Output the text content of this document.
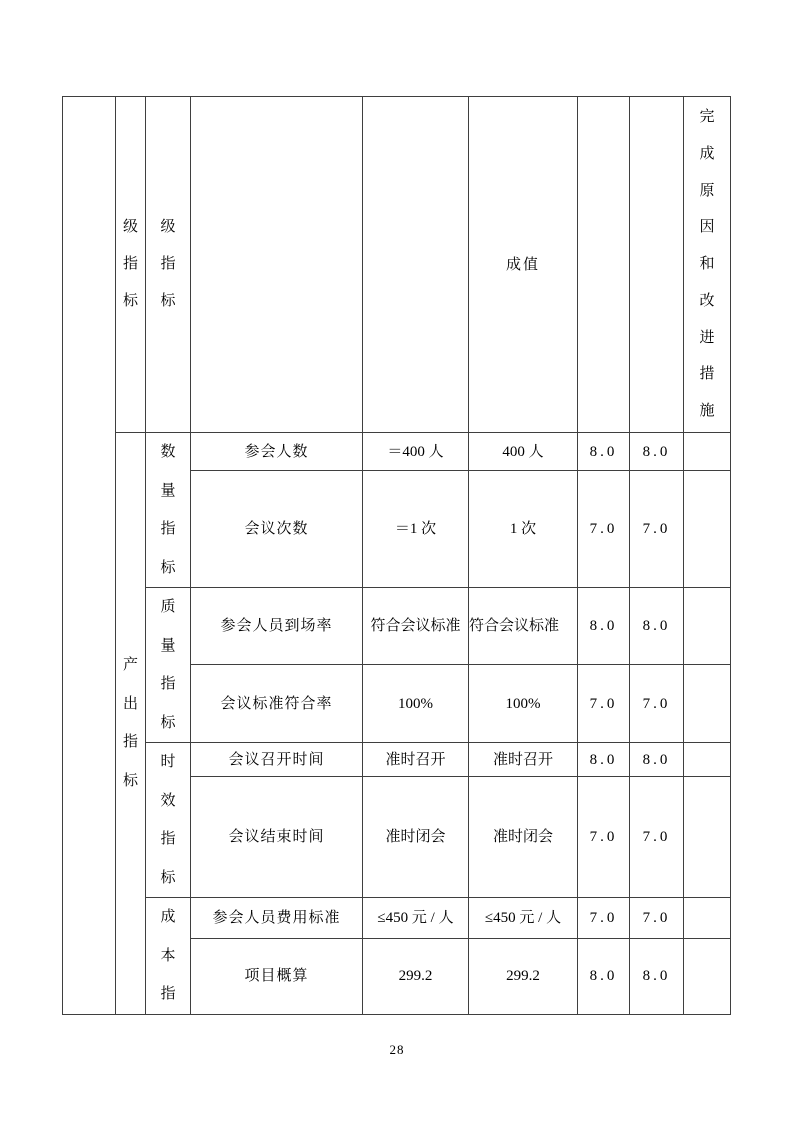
	级指标	级指标			成值			完成原因和改进措施

	产出指标	数量指标	参会人数	＝400 人	400 人	8.0	8.0	
			会议次数	＝1 次	1 次	7.0	7.0	

		质量指标	参会人员到场率	符合会议标准	符合会议标准	8.0	8.0	
			会议标准符合率	100%	100%	7.0	7.0	

		时效指标	会议召开时间	准时召开	准时召开	8.0	8.0	
			会议结束时间	准时闭会	准时闭会	7.0	7.0	

		成本指	参会人员费用标准	≤450 元 / 人	≤450 元 / 人	7.0	7.0	
			项目概算	299.2	299.2	8.0	8.0	
28
